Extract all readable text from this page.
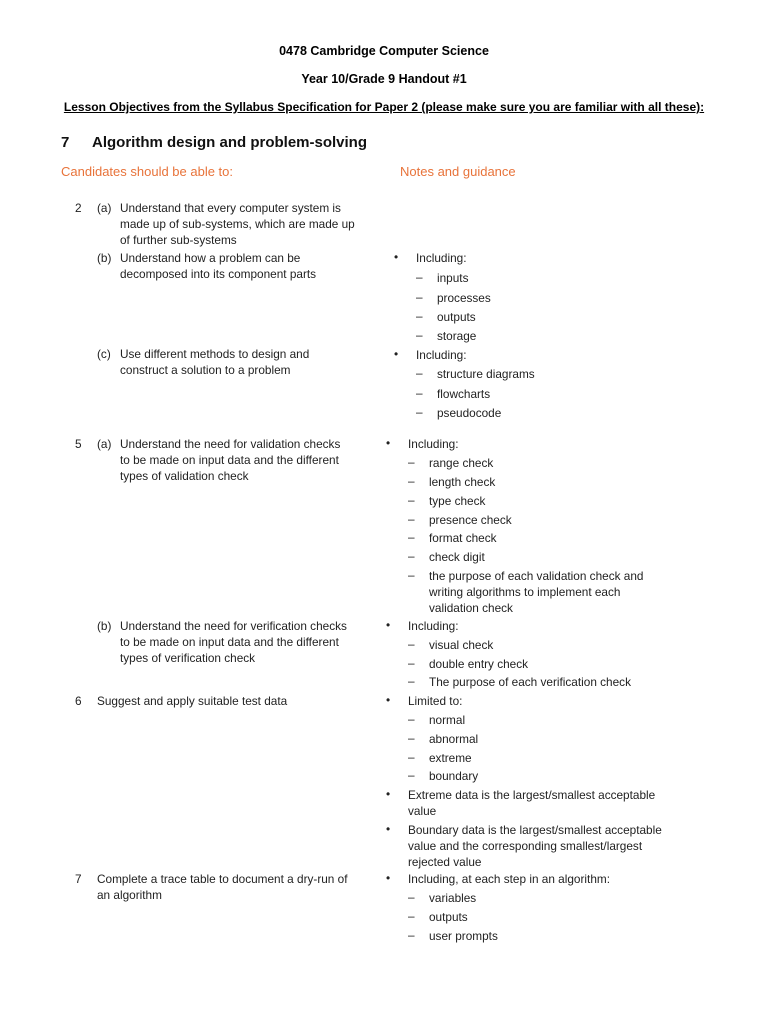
0478 Cambridge Computer Science
Year 10/Grade 9 Handout #1
Lesson Objectives from the Syllabus Specification for Paper 2 (please make sure you are familiar with all these):
7 Algorithm design and problem-solving
Candidates should be able to:	Notes and guidance
2 (a) Understand that every computer system is
made up of sub-systems, which are made up
of further sub-systems
(b) Understand how a problem can be
decomposed into its component parts
• Including:
– inputs
– processes
– outputs
– storage
(c) Use different methods to design and
construct a solution to a problem
• Including:
– structure diagrams
– flowcharts
– pseudocode
5 (a) Understand the need for validation checks
to be made on input data and the different
types of validation check
• Including:
– range check
– length check
– type check
– presence check
– format check
– check digit
– the purpose of each validation check and
writing algorithms to implement each
validation check
(b) Understand the need for verification checks
to be made on input data and the different
types of verification check
• Including:
– visual check
– double entry check
– The purpose of each verification check
6 Suggest and apply suitable test data	• Limited to:
– normal
– abnormal
– extreme
– boundary
• Extreme data is the largest/smallest acceptable
value
• Boundary data is the largest/smallest acceptable
value and the corresponding smallest/largest
rejected value
7 Complete a trace table to document a dry-run of
an algorithm
• Including, at each step in an algorithm:
– variables
– outputs
– user prompts
